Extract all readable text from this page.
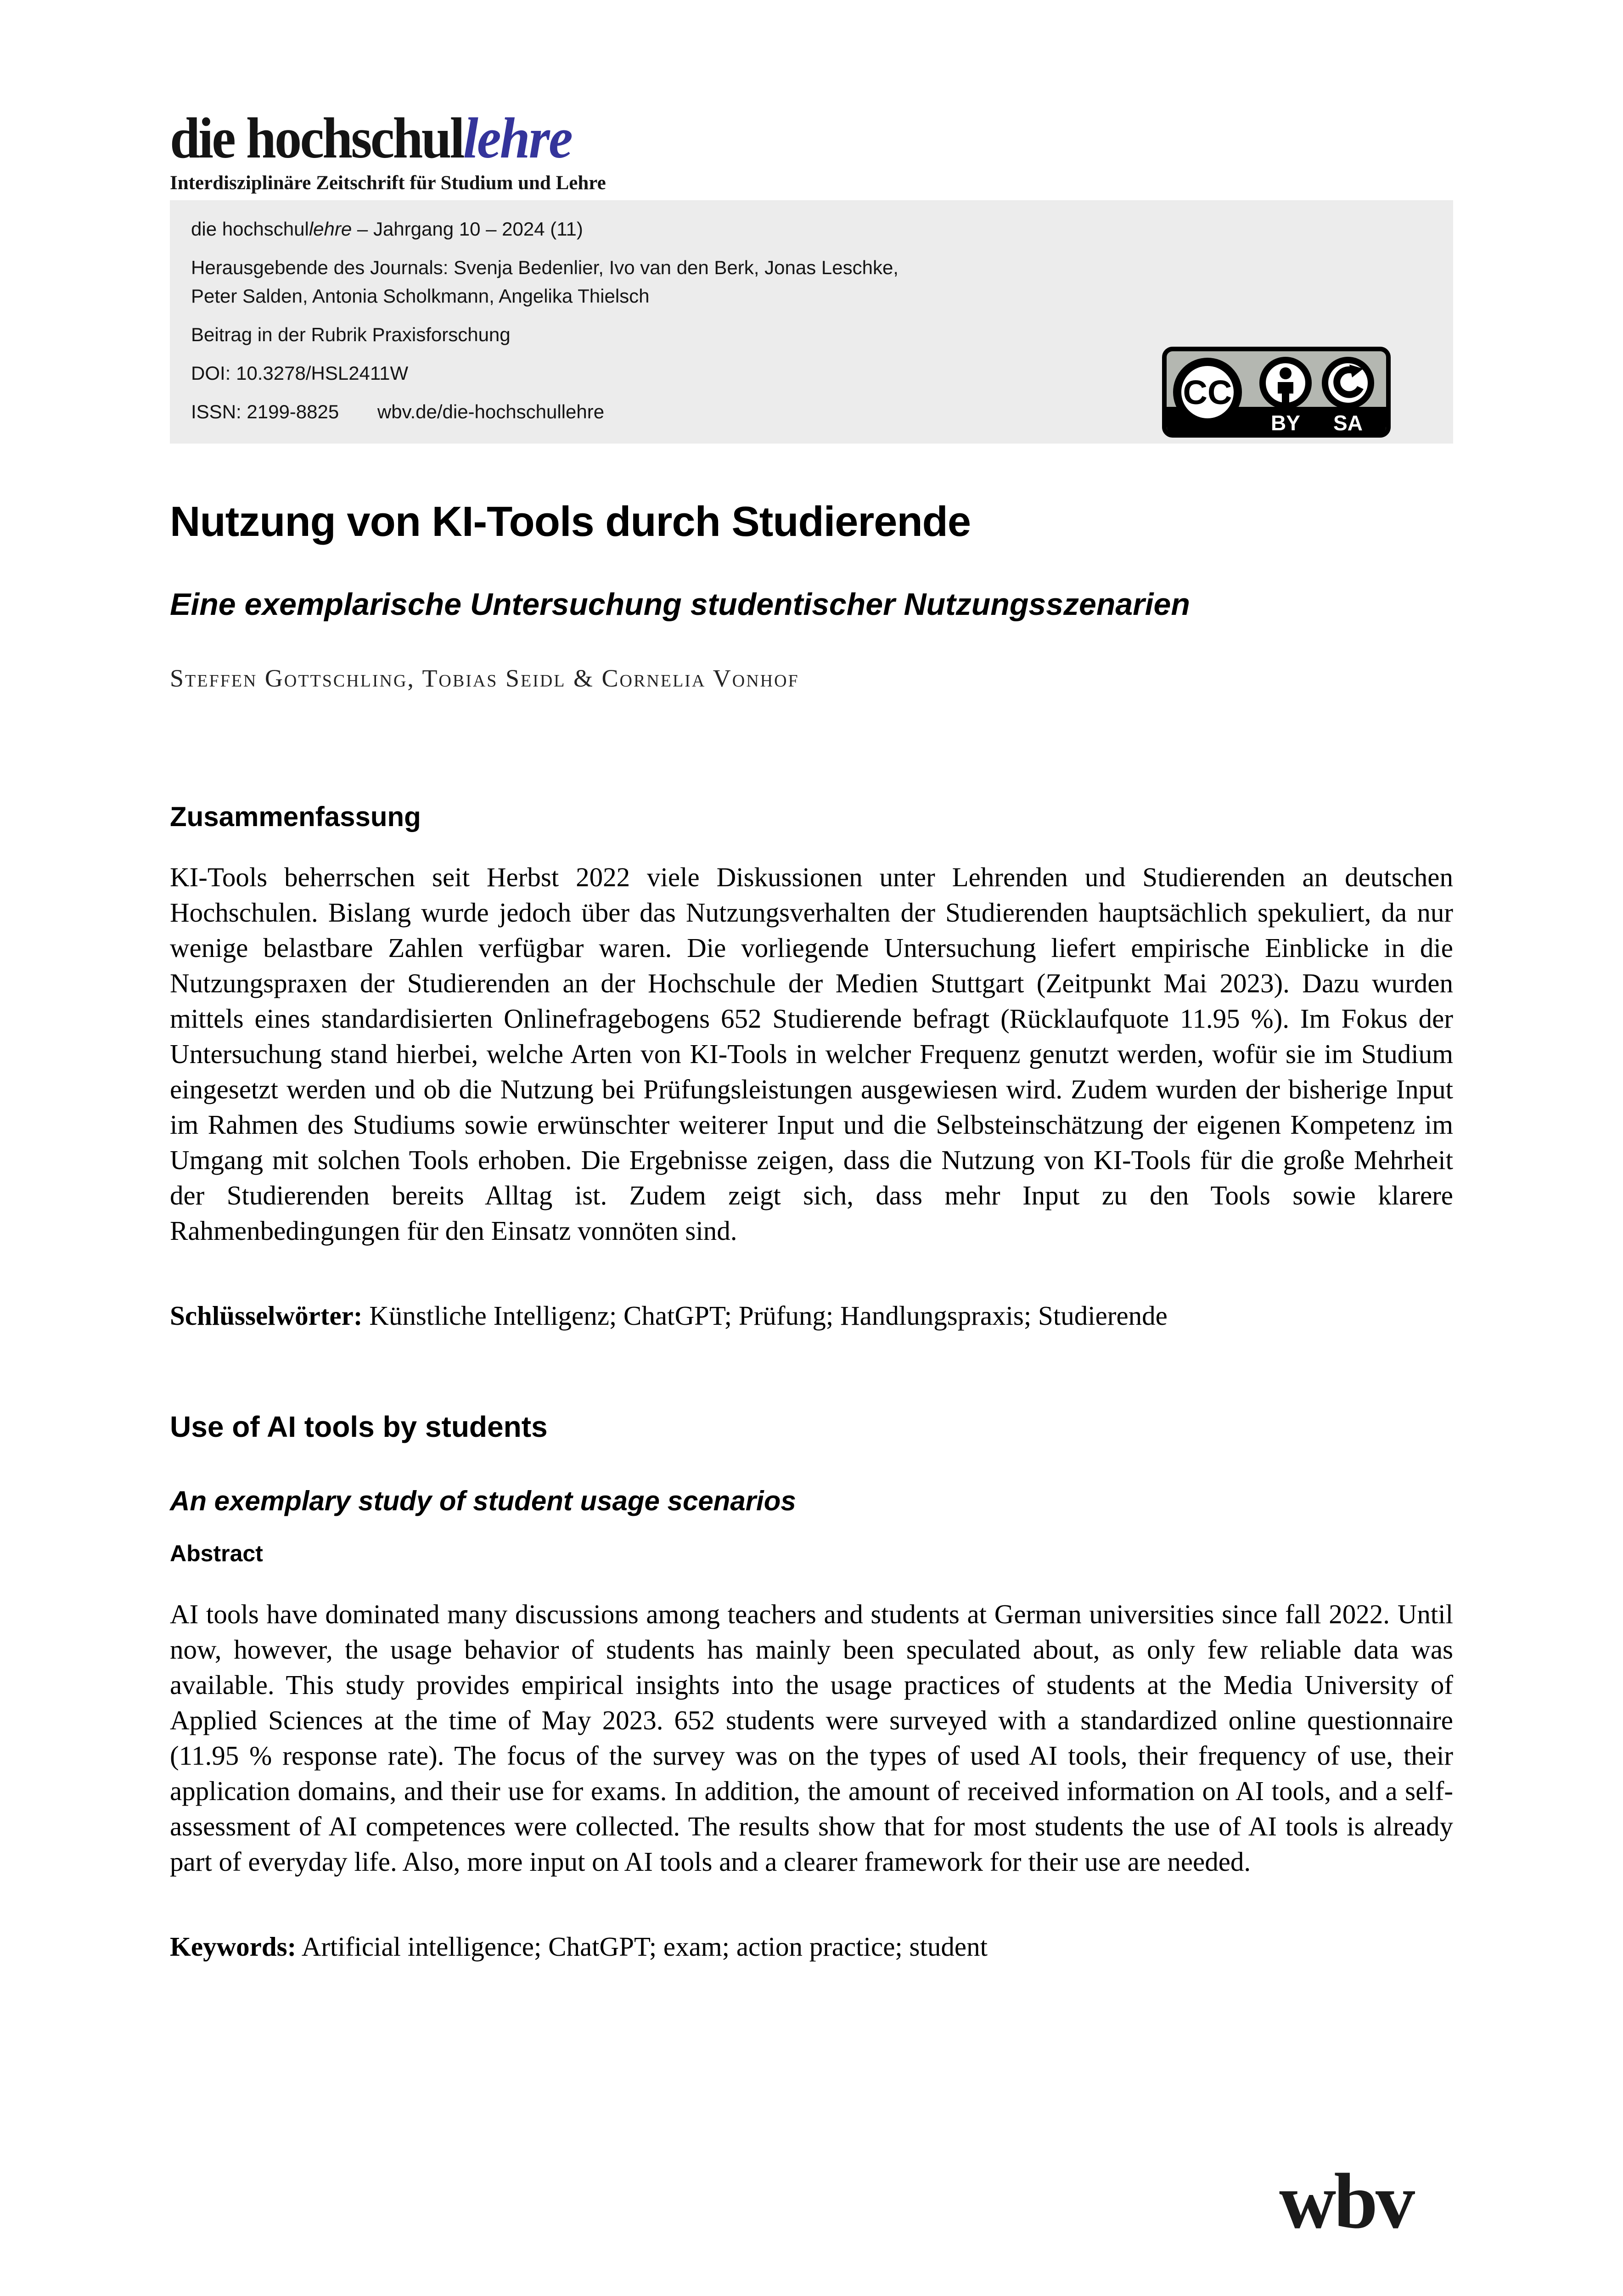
die hochschullehre
Interdisziplinäre Zeitschrift für Studium und Lehre
die hochschullehre – Jahrgang 10 – 2024 (11)
Herausgebende des Journals: Svenja Bedenlier, Ivo van den Berk, Jonas Leschke,
Peter Salden, Antonia Scholkmann, Angelika Thielsch
Beitrag in der Rubrik Praxisforschung
DOI: 10.3278/HSL2411W
ISSN: 2199-8825 wbv.de/die-hochschullehre
CC
BY	SA
Nutzung von KI-Tools durch Studierende
Eine exemplarische Untersuchung studentischer Nutzungsszenarien
Steffen Gottschling, Tobias Seidl & Cornelia Vonhof
Zusammenfassung

KI-Tools beherrschen seit Herbst 2022 viele Diskussionen unter Lehrenden und Studierenden an deutschen Hochschulen. Bislang wurde jedoch über das Nutzungsverhalten der Studierenden hauptsächlich spekuliert, da nur wenige belastbare Zahlen verfügbar waren. Die vorliegende Untersuchung liefert empirische Einblicke in die Nutzungspraxen der Studierenden an der Hochschule der Medien Stuttgart (Zeitpunkt Mai 2023). Dazu wurden mittels eines standardisierten Onlinefragebogens 652 Studierende befragt (Rücklaufquote 11.95 %). Im Fokus der Untersuchung stand hierbei, welche Arten von KI-Tools in welcher Frequenz genutzt werden, wofür sie im Studium eingesetzt werden und ob die Nutzung bei Prüfungsleistungen ausgewiesen wird. Zudem wurden der bisherige Input im Rahmen des Studiums sowie erwünschter weiterer Input und die Selbsteinschätzung der eigenen Kompetenz im Umgang mit solchen Tools erhoben. Die Ergebnisse zeigen, dass die Nutzung von KI-Tools für die große Mehrheit der Studierenden bereits Alltag ist. Zudem zeigt sich, dass mehr Input zu den Tools sowie klarere Rahmenbedingungen für den Einsatz vonnöten sind.

Schlüsselwörter: Künstliche Intelligenz; ChatGPT; Prüfung; Handlungspraxis; Studierende

Use of AI tools by students
An exemplary study of student usage scenarios
Abstract

AI tools have dominated many discussions among teachers and students at German universities since fall 2022. Until now, however, the usage behavior of students has mainly been speculated about, as only few reliable data was available. This study provides empirical insights into the usage practices of students at the Media University of Applied Sciences at the time of May 2023. 652 students were surveyed with a standardized online questionnaire (11.95 % response rate). The focus of the survey was on the types of used AI tools, their frequency of use, their application domains, and their use for exams. In addition, the amount of received information on AI tools, and a self-assessment of AI competences were collected. The results show that for most students the use of AI tools is already part of everyday life. Also, more input on AI tools and a clearer framework for their use are needed.

Keywords: Artificial intelligence; ChatGPT; exam; action practice; student

wbv
